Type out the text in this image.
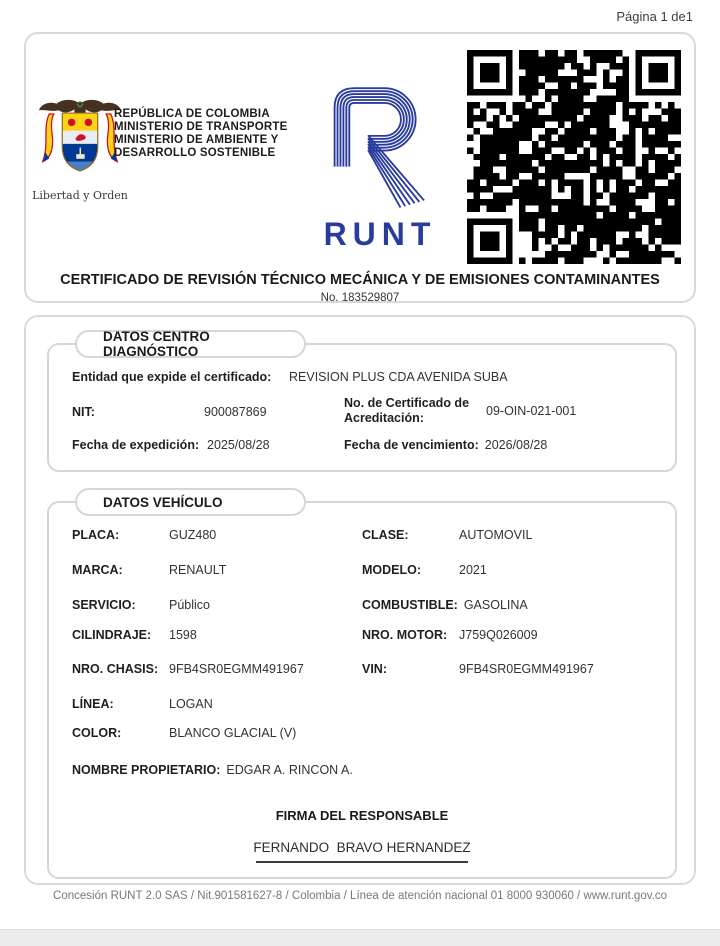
Página 1 de1
Libertad y Orden
REPÚBLICA DE COLOMBIA
MINISTERIO DE TRANSPORTE
MINISTERIO DE AMBIENTE Y
DESARROLLO SOSTENIBLE
RUNT
CERTIFICADO DE REVISIÓN TÉCNICO MECÁNICA Y DE EMISIONES CONTAMINANTES
No. 183529807
DATOS CENTRO DIAGNÓSTICO
Entidad que expide el certificado:	REVISION PLUS CDA AVENIDA SUBA
NIT:	900087869
No. de Certificado de Acreditación:	09-OIN-021-001
Fecha de expedición: 2025/08/28	Fecha de vencimiento: 2026/08/28
DATOS VEHÍCULO
PLACA:	GUZ480	CLASE:	AUTOMOVIL
MARCA:	RENAULT	MODELO:	2021
SERVICIO:	Público	COMBUSTIBLE: GASOLINA
CILINDRAJE:	1598	NRO. MOTOR: J759Q026009
NRO. CHASIS: 9FB4SR0EGMM491967	VIN:	9FB4SR0EGMM491967
LÍNEA:	LOGAN
COLOR:	BLANCO GLACIAL (V)
NOMBRE PROPIETARIO: EDGAR A. RINCON A.
FIRMA DEL RESPONSABLE
FERNANDO  BRAVO HERNANDEZ
Concesión RUNT 2.0 SAS / Nit.901581627-8 / Colombia / Línea de atención nacional 01 8000 930060 / www.runt.gov.co
